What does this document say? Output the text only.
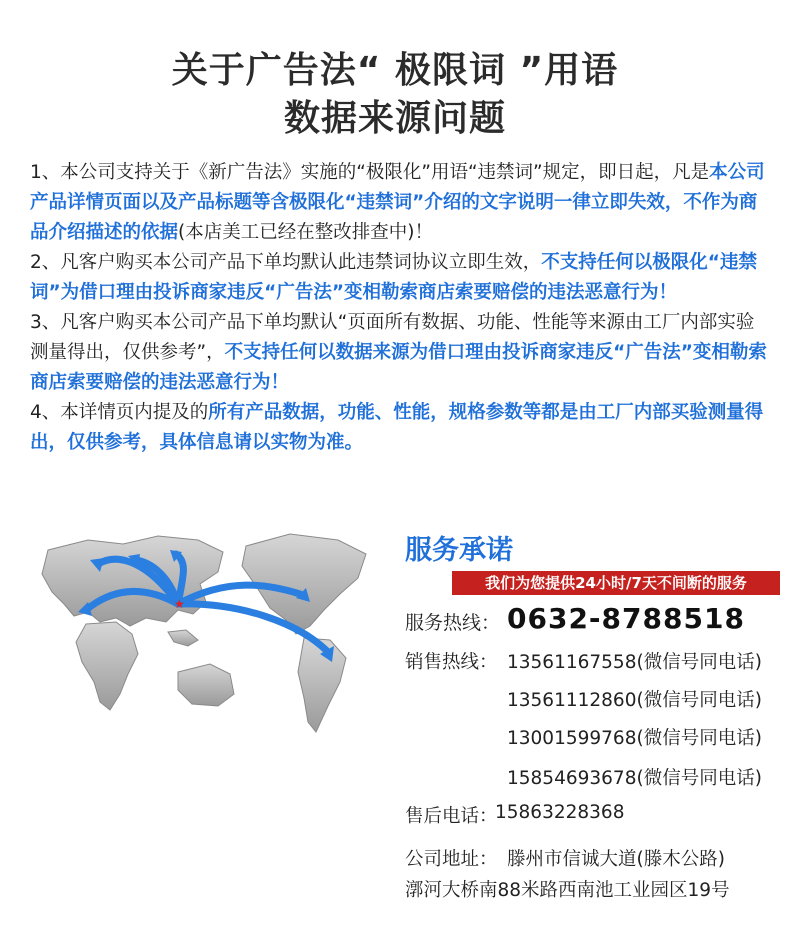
关于广告法“ 极限词 ”用语
数据来源问题

1、本公司支持关于《新广告法》实施的“极限化”用语“违禁词”规定，即日起，凡是本公司产品详情页面以及产品标题等含极限化“违禁词”介绍的文字说明一律立即失效，不作为商品介绍描述的依据(本店美工已经在整改排查中)！

2、凡客户购买本公司产品下单均默认此违禁词协议立即生效，不支持任何以极限化“违禁词”为借口理由投诉商家违反“广告法”变相勒索商店索要赔偿的违法恶意行为！

3、凡客户购买本公司产品下单均默认“页面所有数据、功能、性能等来源由工厂内部实验测量得出，仅供参考”，不支持任何以数据来源为借口理由投诉商家违反“广告法”变相勒索商店索要赔偿的违法恶意行为！

4、本详情页内提及的所有产品数据，功能、性能，规格参数等都是由工厂内部买验测量得出，仅供参考，具体信息请以实物为准。

★
服务承诺
我们为您提供24小时/7天不间断的服务
服务热线： 0632-8788518
销售热线： 13561167558(微信号同电话)
13561112860(微信号同电话)
13001599768(微信号同电话)
15854693678(微信号同电话)
售后电话：
15863228368
公司地址： 滕州市信诚大道(滕木公路)
漷河大桥南88米路西南池工业园区19号
